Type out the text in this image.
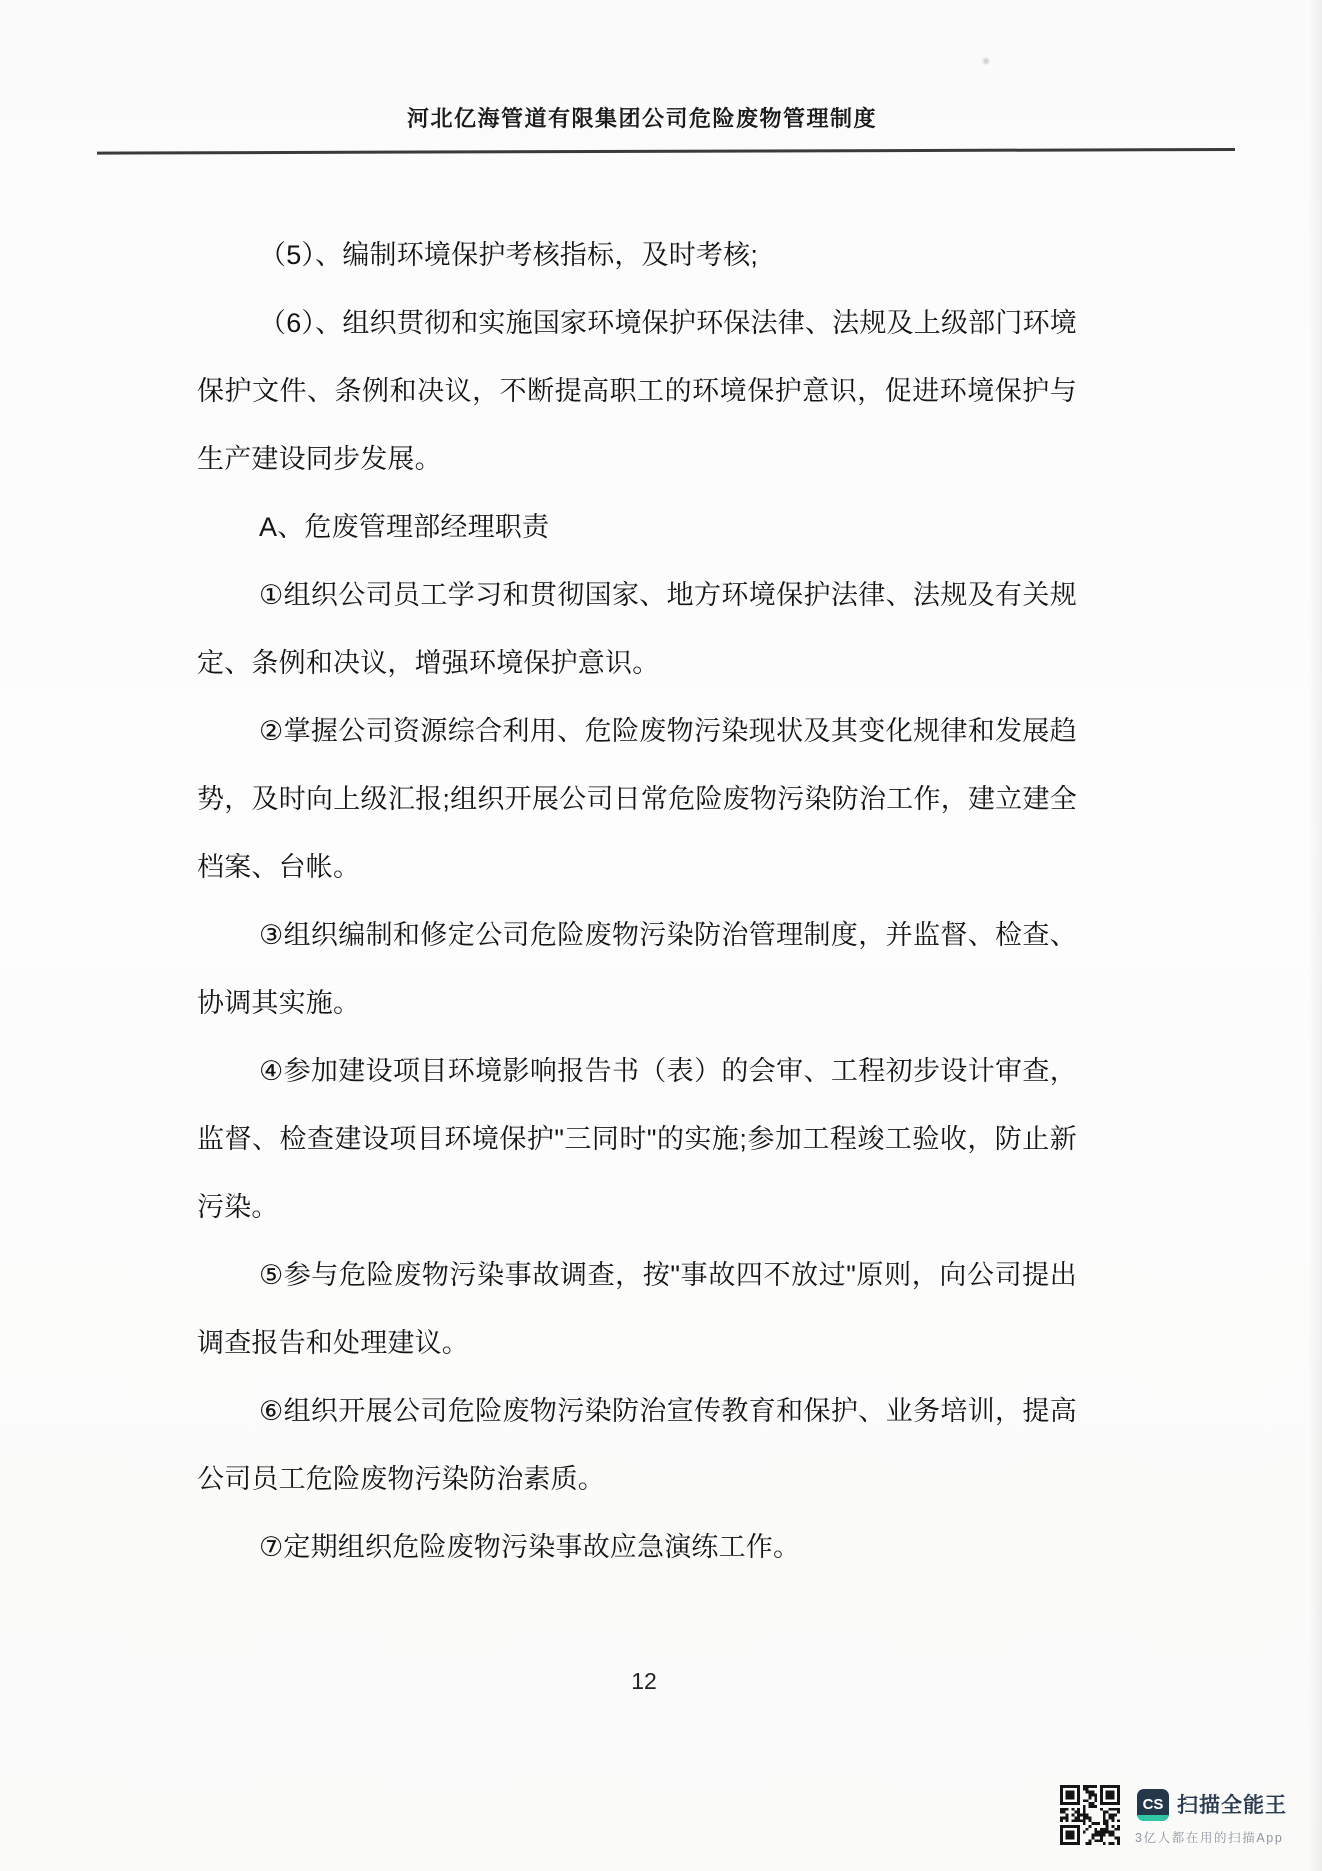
河北亿海管道有限集团公司危险废物管理制度

（5）、编制环境保护考核指标，及时考核;

（6）、组织贯彻和实施国家环境保护环保法律、法规及上级部门环境保护文件、条例和决议，不断提高职工的环境保护意识，促进环境保护与生产建设同步发展。

A、危废管理部经理职责

①组织公司员工学习和贯彻国家、地方环境保护法律、法规及有关规定、条例和决议，增强环境保护意识。

②掌握公司资源综合利用、危险废物污染现状及其变化规律和发展趋势，及时向上级汇报;组织开展公司日常危险废物污染防治工作，建立建全档案、台帐。

③组织编制和修定公司危险废物污染防治管理制度，并监督、检查、协调其实施。

④参加建设项目环境影响报告书（表）的会审、工程初步设计审查，监督、检查建设项目环境保护"三同时"的实施;参加工程竣工验收，防止新污染。

⑤参与危险废物污染事故调查，按"事故四不放过"原则，向公司提出调查报告和处理建议。

⑥组织开展公司危险废物污染防治宣传教育和保护、业务培训，提高公司员工危险废物污染防治素质。

⑦定期组织危险废物污染事故应急演练工作。

12
CS 扫描全能王
3亿人都在用的扫描App
